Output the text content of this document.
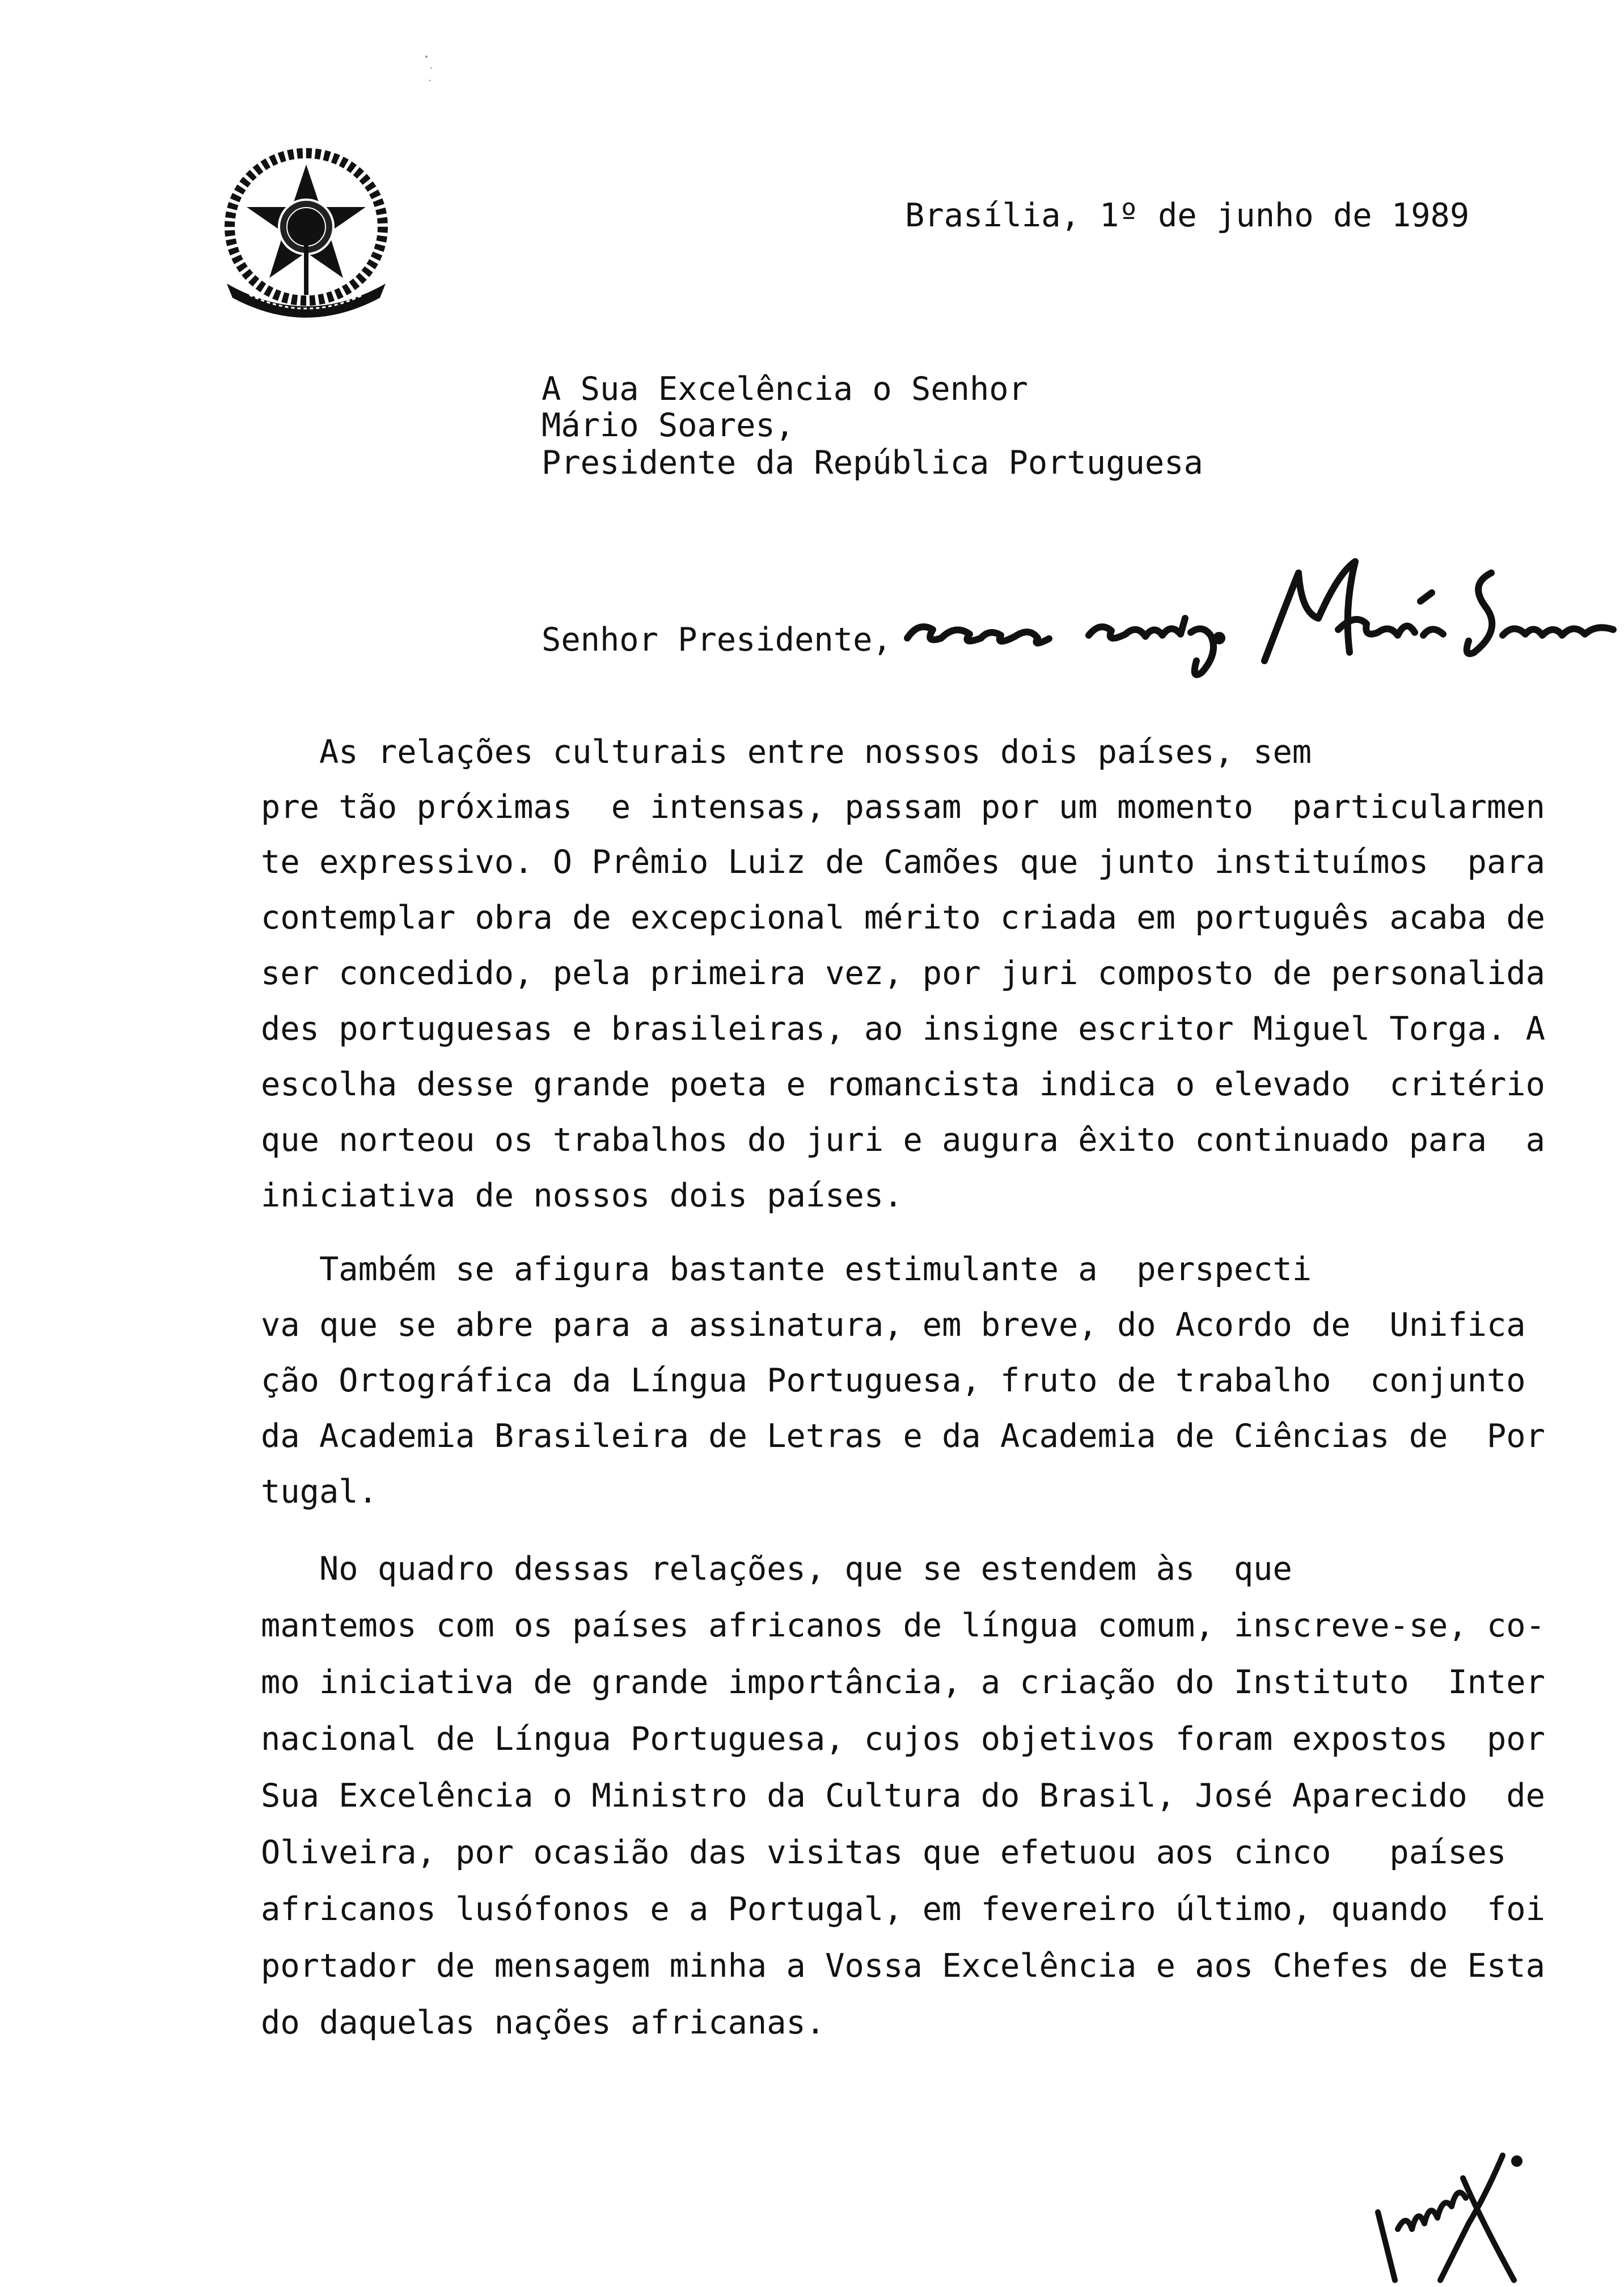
Brasília, 1º de junho de 1989
A Sua Excelência o Senhor
Mário Soares,
Presidente da República Portuguesa
Senhor Presidente,
As relações culturais entre nossos dois países, sem
pre tão próximas  e intensas, passam por um momento  particularmen
te expressivo. O Prêmio Luiz de Camões que junto instituímos  para
contemplar obra de excepcional mérito criada em português acaba de
ser concedido, pela primeira vez, por juri composto de personalida
des portuguesas e brasileiras, ao insigne escritor Miguel Torga. A
escolha desse grande poeta e romancista indica o elevado  critério
que norteou os trabalhos do juri e augura êxito continuado para  a
iniciativa de nossos dois países.
Também se afigura bastante estimulante a  perspecti
va que se abre para a assinatura, em breve, do Acordo de  Unifica
ção Ortográfica da Língua Portuguesa, fruto de trabalho  conjunto
da Academia Brasileira de Letras e da Academia de Ciências de  Por
tugal.
No quadro dessas relações, que se estendem às  que
mantemos com os países africanos de língua comum, inscreve-se, co-
mo iniciativa de grande importância, a criação do Instituto  Inter
nacional de Língua Portuguesa, cujos objetivos foram expostos  por
Sua Excelência o Ministro da Cultura do Brasil, José Aparecido  de
Oliveira, por ocasião das visitas que efetuou aos cinco   países
africanos lusófonos e a Portugal, em fevereiro último, quando  foi
portador de mensagem minha a Vossa Excelência e aos Chefes de Esta
do daquelas nações africanas.
